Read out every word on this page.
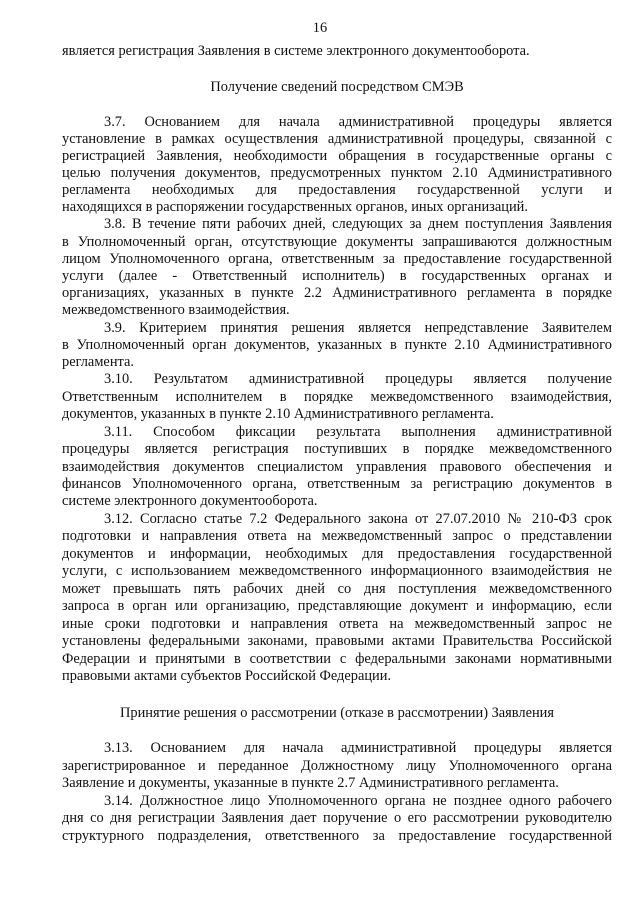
16
является регистрация Заявления в системе электронного документооборота.
Получение сведений посредством СМЭВ
3.7. Основанием для начала административной процедуры является
установление в рамках осуществления административной процедуры, связанной с
регистрацией Заявления, необходимости обращения в государственные органы с
целью получения документов, предусмотренных пунктом 2.10 Административного
регламента необходимых для предоставления государственной услуги и
находящихся в распоряжении государственных органов, иных организаций.
3.8. В течение пяти рабочих дней, следующих за днем поступления Заявления
в Уполномоченный орган, отсутствующие документы запрашиваются должностным
лицом Уполномоченного органа, ответственным за предоставление государственной
услуги (далее - Ответственный исполнитель) в государственных органах и
организациях, указанных в пункте 2.2 Административного регламента в порядке
межведомственного взаимодействия.
3.9. Критерием принятия решения является непредставление Заявителем
в Уполномоченный орган документов, указанных в пункте 2.10 Административного
регламента.
3.10. Результатом административной процедуры является получение
Ответственным исполнителем в порядке межведомственного взаимодействия,
документов, указанных в пункте 2.10 Административного регламента.
3.11. Способом фиксации результата выполнения административной
процедуры является регистрация поступивших в порядке межведомственного
взаимодействия документов специалистом управления правового обеспечения и
финансов Уполномоченного органа, ответственным за регистрацию документов в
системе электронного документооборота.
3.12. Согласно статье 7.2 Федерального закона от 27.07.2010 № 210-ФЗ срок
подготовки и направления ответа на межведомственный запрос о представлении
документов и информации, необходимых для предоставления государственной
услуги, с использованием межведомственного информационного взаимодействия не
может превышать пять рабочих дней со дня поступления межведомственного
запроса в орган или организацию, представляющие документ и информацию, если
иные сроки подготовки и направления ответа на межведомственный запрос не
установлены федеральными законами, правовыми актами Правительства Российской
Федерации и принятыми в соответствии с федеральными законами нормативными
правовыми актами субъектов Российской Федерации.
Принятие решения о рассмотрении (отказе в рассмотрении) Заявления
3.13. Основанием для начала административной процедуры является
зарегистрированное и переданное Должностному лицу Уполномоченного органа
Заявление и документы, указанные в пункте 2.7 Административного регламента.
3.14. Должностное лицо Уполномоченного органа не позднее одного рабочего
дня со дня регистрации Заявления дает поручение о его рассмотрении руководителю
структурного подразделения, ответственного за предоставление государственной
